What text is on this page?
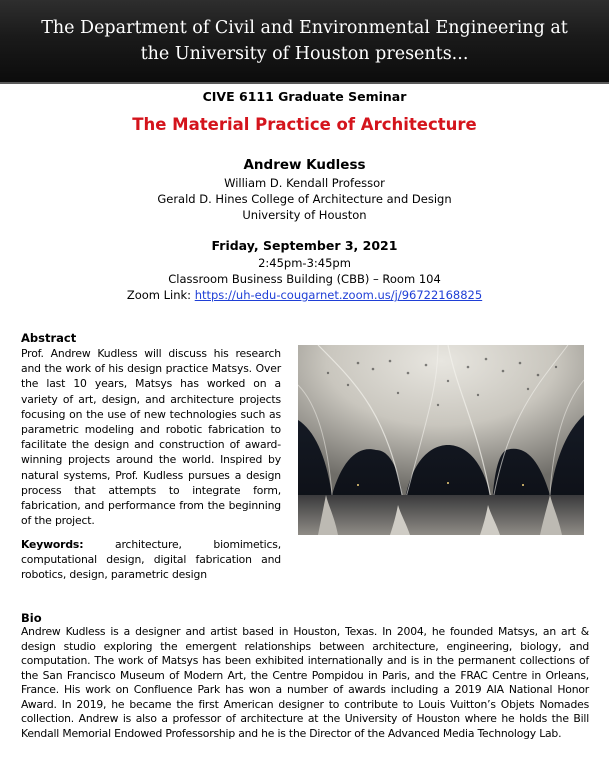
The Department of Civil and Environmental Engineering at
the University of Houston presents...
CIVE 6111 Graduate Seminar
The Material Practice of Architecture
Andrew Kudless
William D. Kendall Professor
Gerald D. Hines College of Architecture and Design
University of Houston
Friday, September 3, 2021
2:45pm-3:45pm
Classroom Business Building (CBB) – Room 104
Zoom Link: https://uh-edu-cougarnet.zoom.us/j/96722168825
Abstract
Prof. Andrew Kudless will discuss his research and the work of his design practice Matsys. Over the last 10 years, Matsys has worked on a variety of art, design, and architecture projects focusing on the use of new technologies such as parametric modeling and robotic fabrication to facilitate the design and construction of award-winning projects around the world. Inspired by natural systems, Prof. Kudless pursues a design process that attempts to integrate form, fabrication, and performance from the beginning of the project.
Keywords:	architecture, biomimetics, computational design, digital fabrication and robotics, design, parametric design
Bio
Andrew Kudless is a designer and artist based in Houston, Texas. In 2004, he founded Matsys, an art & design studio exploring the emergent relationships between architecture, engineering, biology, and computation. The work of Matsys has been exhibited internationally and is in the permanent collections of the San Francisco Museum of Modern Art, the Centre Pompidou in Paris, and the FRAC Centre in Orleans, France. His work on Confluence Park has won a number of awards including a 2019 AIA National Honor Award. In 2019, he became the first American designer to contribute to Louis Vuitton’s Objets Nomades collection. Andrew is also a professor of architecture at the University of Houston where he holds the Bill Kendall Memorial Endowed Professorship and he is the Director of the Advanced Media Technology Lab.
